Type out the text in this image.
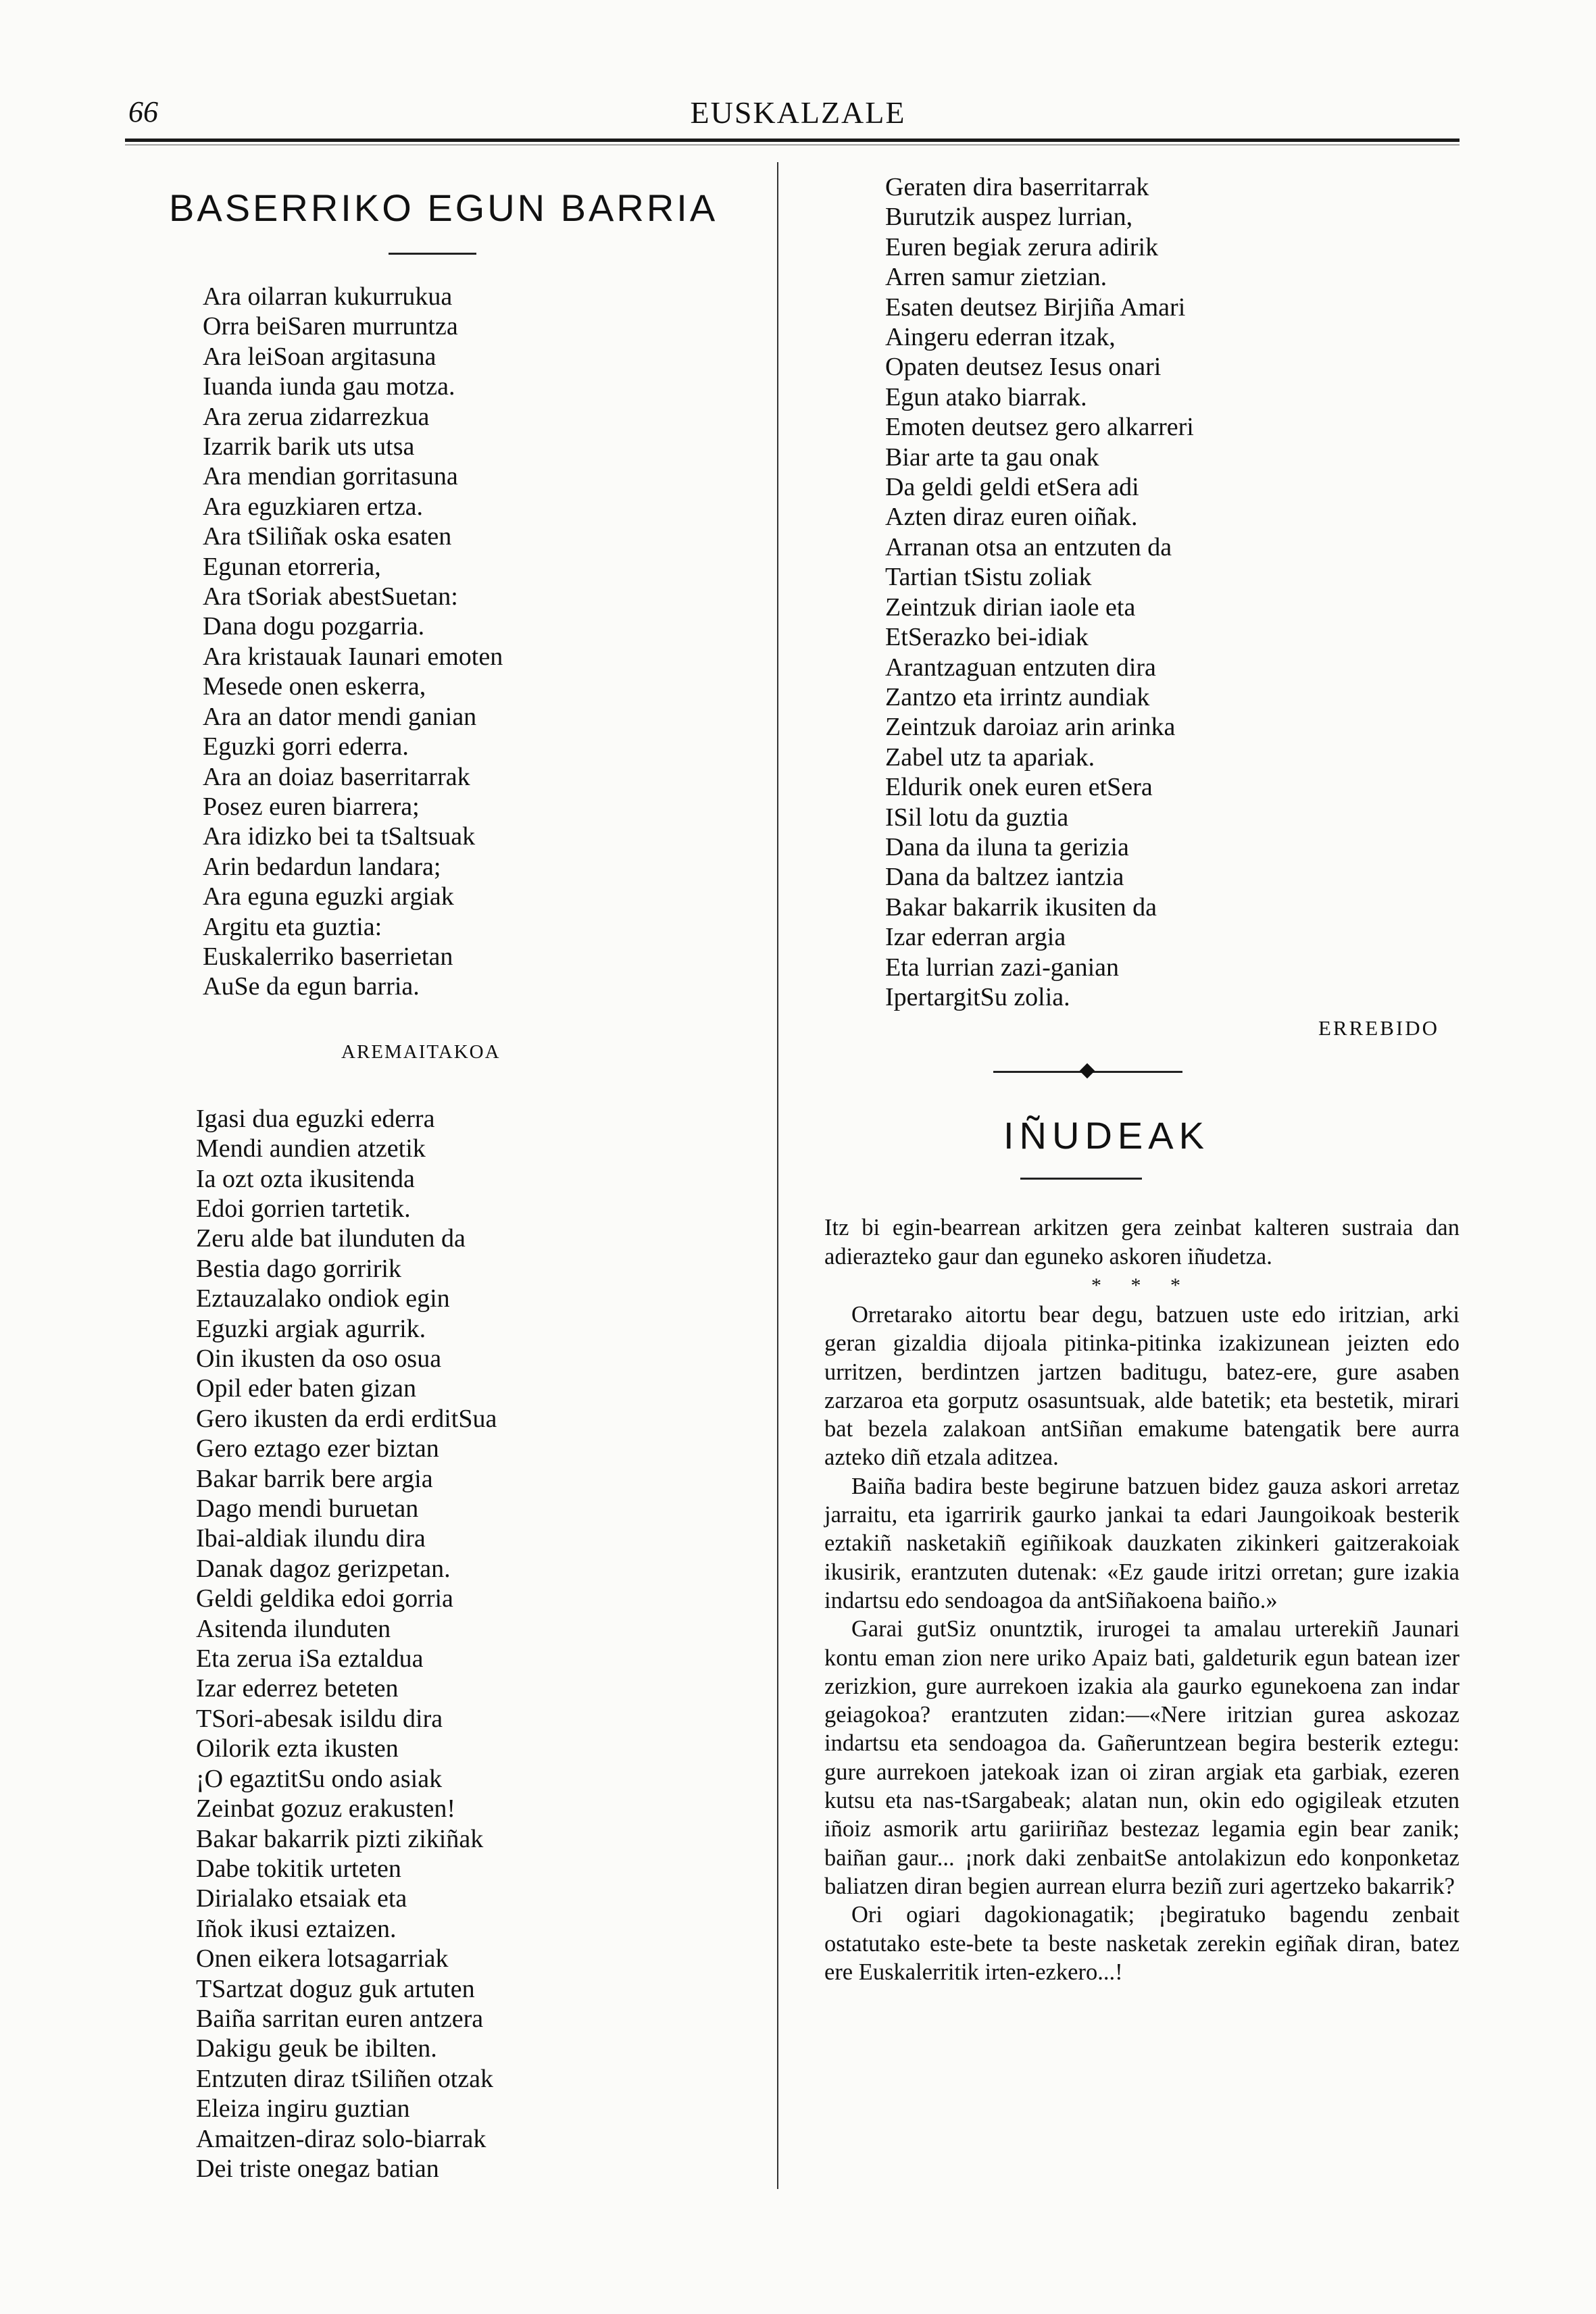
66	EUSKALZALE
BASERRIKO EGUN BARRIA
Ara oilarran kukurrukua
Orra beiSaren murruntza
Ara leiSoan argitasuna
Iuanda iunda gau motza.
Ara zerua zidarrezkua
Izarrik barik uts utsa
Ara mendian gorritasuna
Ara eguzkiaren ertza.
Ara tSiliñak oska esaten
Egunan etorreria,
Ara tSoriak abestSuetan:
Dana dogu pozgarria.
Ara kristauak Iaunari emoten
Mesede onen eskerra,
Ara an dator mendi ganian
Eguzki gorri ederra.
Ara an doiaz baserritarrak
Posez euren biarrera;
Ara idizko bei ta tSaltsuak
Arin bedardun landara;
Ara eguna eguzki argiak
Argitu eta guztia:
Euskalerriko baserrietan
AuSe da egun barria.
AREMAITAKOA
Igasi dua eguzki ederra
Mendi aundien atzetik
Ia ozt ozta ikusitenda
Edoi gorrien tartetik.
Zeru alde bat ilunduten da
Bestia dago gorririk
Eztauzalako ondiok egin
Eguzki argiak agurrik.
Oin ikusten da oso osua
Opil eder baten gizan
Gero ikusten da erdi erditSua
Gero eztago ezer biztan
Bakar barrik bere argia
Dago mendi buruetan
Ibai-aldiak ilundu dira
Danak dagoz gerizpetan.
Geldi geldika edoi gorria
Asitenda ilunduten
Eta zerua iSa eztaldua
Izar ederrez beteten
TSori-abesak isildu dira
Oilorik ezta ikusten
¡O egaztitSu ondo asiak
Zeinbat gozuz erakusten!
Bakar bakarrik pizti zikiñak
Dabe tokitik urteten
Dirialako etsaiak eta
Iñok ikusi eztaizen.
Onen eikera lotsagarriak
TSartzat doguz guk artuten
Baiña sarritan euren antzera
Dakigu geuk be ibilten.
Entzuten diraz tSiliñen otzak
Eleiza ingiru guztian
Amaitzen-diraz solo-biarrak
Dei triste onegaz batian
Geraten dira baserritarrak
Burutzik auspez lurrian,
Euren begiak zerura adirik
Arren samur zietzian.
Esaten deutsez Birjiña Amari
Aingeru ederran itzak,
Opaten deutsez Iesus onari
Egun atako biarrak.
Emoten deutsez gero alkarreri
Biar arte ta gau onak
Da geldi geldi etSera adi
Azten diraz euren oiñak.
Arranan otsa an entzuten da
Tartian tSistu zoliak
Zeintzuk dirian iaole eta
EtSerazko bei-idiak
Arantzaguan entzuten dira
Zantzo eta irrintz aundiak
Zeintzuk daroiaz arin arinka
Zabel utz ta apariak.
Eldurik onek euren etSera
ISil lotu da guztia
Dana da iluna ta gerizia
Dana da baltzez iantzia
Bakar bakarrik ikusiten da
Izar ederran argia
Eta lurrian zazi-ganian
IpertargitSu zolia.
ERREBIDO
IÑUDEAK

Itz bi egin-bearrean arkitzen gera zeinbat kalteren sustraia dan adierazteko gaur dan eguneko askoren iñudetza.

* * *

Orretarako aitortu bear degu, batzuen uste edo iritzian, arki geran gizaldia dijoala pitinka-pitinka izakizunean jeizten edo urritzen, berdintzen jartzen baditugu, batez-ere, gure asaben zarzaroa eta gorputz osasuntsuak, alde batetik; eta bestetik, mirari bat bezela zalakoan antSiñan emakume batengatik bere aurra azteko diñ etzala aditzea.

Baiña badira beste begirune batzuen bidez gauza askori arretaz jarraitu, eta igarririk gaurko jankai ta edari Jaungoikoak besterik eztakiñ nasketakiñ egiñikoak dauzkaten zikinkeri gaitzerakoiak ikusirik, erantzuten dutenak: «Ez gaude iritzi orretan; gure izakia indartsu edo sendoagoa da antSiñakoena baiño.»

Garai gutSiz onuntztik, irurogei ta amalau urterekiñ Jaunari kontu eman zion nere uriko Apaiz bati, galdeturik egun batean izer zerizkion, gure aurrekoen izakia ala gaurko egunekoena zan indar geiagokoa? erantzuten zidan:—«Nere iritzian gurea askozaz indartsu eta sendoagoa da. Gañeruntzean begira besterik eztegu: gure aurrekoen jatekoak izan oi ziran argiak eta garbiak, ezeren kutsu eta nas-tSargabeak; alatan nun, okin edo ogigileak etzuten iñoiz asmorik artu gariiriñaz bestezaz legamia egin bear zanik; baiñan gaur... ¡nork daki zenbaitSe antolakizun edo konponketaz baliatzen diran begien aurrean elurra beziñ zuri agertzeko bakarrik?

Ori ogiari dagokionagatik; ¡begiratuko bagendu zenbait ostatutako este-bete ta beste nasketak zerekin egiñak diran, batez ere Euskalerritik irten-ezkero...!
